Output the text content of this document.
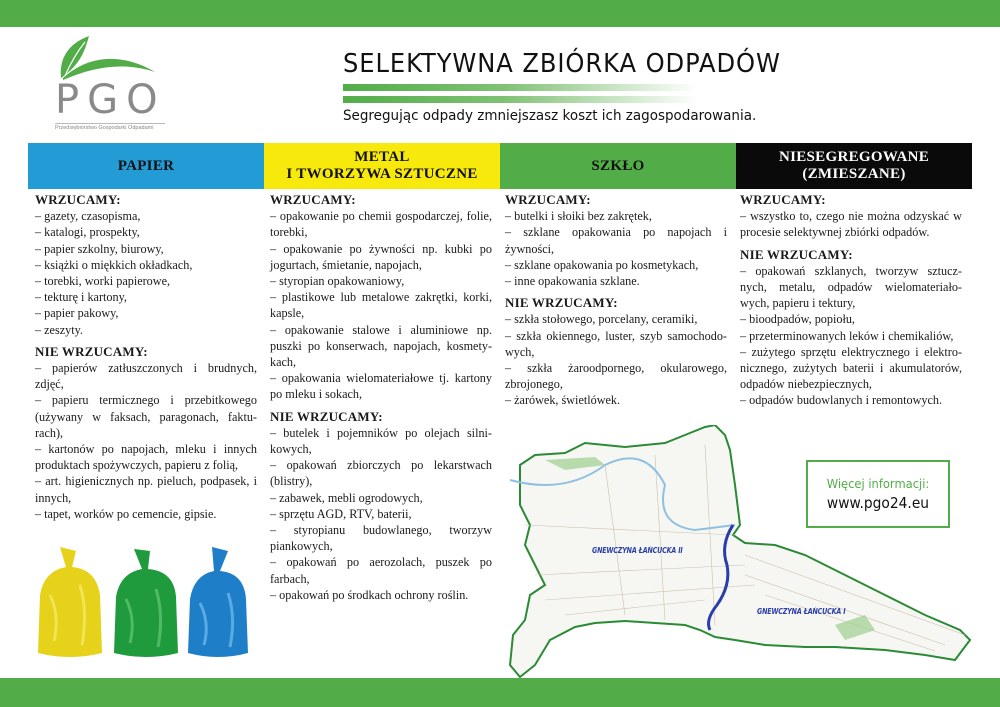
PGO
Przedsiębiorstwo Gospodarki Odpadami
SELEKTYWNA ZBIÓRKA ODPADÓW
Segregując odpady zmniejszasz koszt ich zagospodarowania.
PAPIER
METAL
I TWORZYWA SZTUCZNE
SZKŁO
NIESEGREGOWANE
(ZMIESZANE)
WRZUCAMY:
– gazety, czasopisma,
– katalogi, prospekty,
– papier szkolny, biurowy,
– książki o miękkich okładkach,
– torebki, worki papierowe,
– tekturę i kartony,
– papier pakowy,
– zeszyty.
NIE WRZUCAMY:
– papierów zatłuszczonych i brudnych, zdjęć,
– papieru termicznego i przebitkowego (używany w faksach, paragonach, faktu-rach),
– kartonów po napojach, mleku i innych produktach spożywczych, papieru z folią,
– art. higienicznych np. pieluch, podpasek, i innych,
– tapet, worków po cemencie, gipsie.
WRZUCAMY:
– opakowanie po chemii gospodarczej, folie, torebki,
– opakowanie po żywności np. kubki po jogurtach, śmietanie, napojach,
– styropian opakowaniowy,
– plastikowe lub metalowe zakrętki, korki, kapsle,
– opakowanie stalowe i aluminiowe np. puszki po konserwach, napojach, kosmety-kach,
– opakowania wielomateriałowe tj. kartony po mleku i sokach,
NIE WRZUCAMY:
– butelek i pojemników po olejach silni-kowych,
– opakowań zbiorczych po lekarstwach (blistry),
– zabawek, mebli ogrodowych,
– sprzętu AGD, RTV, baterii,
– styropianu budowlanego, tworzyw piankowych,
– opakowań po aerozolach, puszek po farbach,
– opakowań po środkach ochrony roślin.
WRZUCAMY:
– butelki i słoiki bez zakrętek,
– szklane opakowania po napojach i żywności,
– szklane opakowania po kosmetykach,
– inne opakowania szklane.
NIE WRZUCAMY:
– szkła stołowego, porcelany, ceramiki,
– szkła okiennego, luster, szyb samochodo-wych,
– szkła żaroodpornego, okularowego, zbrojonego,
– żarówek, świetlówek.
WRZUCAMY:
– wszystko to, czego nie można odzyskać w procesie selektywnej zbiórki odpadów.
NIE WRZUCAMY:
– opakowań szklanych, tworzyw sztucz-nych, metalu, odpadów wielomateriało-wych, papieru i tektury,
– bioodpadów, popiołu,
– przeterminowanych leków i chemikaliów,
– zużytego sprzętu elektrycznego i elektro-nicznego, zużytych baterii i akumulatorów, odpadów niebezpiecznych,
– odpadów budowlanych i remontowych.
GNEWCZYNA ŁAŃCUCKA II
GNEWCZYNA ŁAŃCUCKA I
Więcej informacji:
www.pgo24.eu
